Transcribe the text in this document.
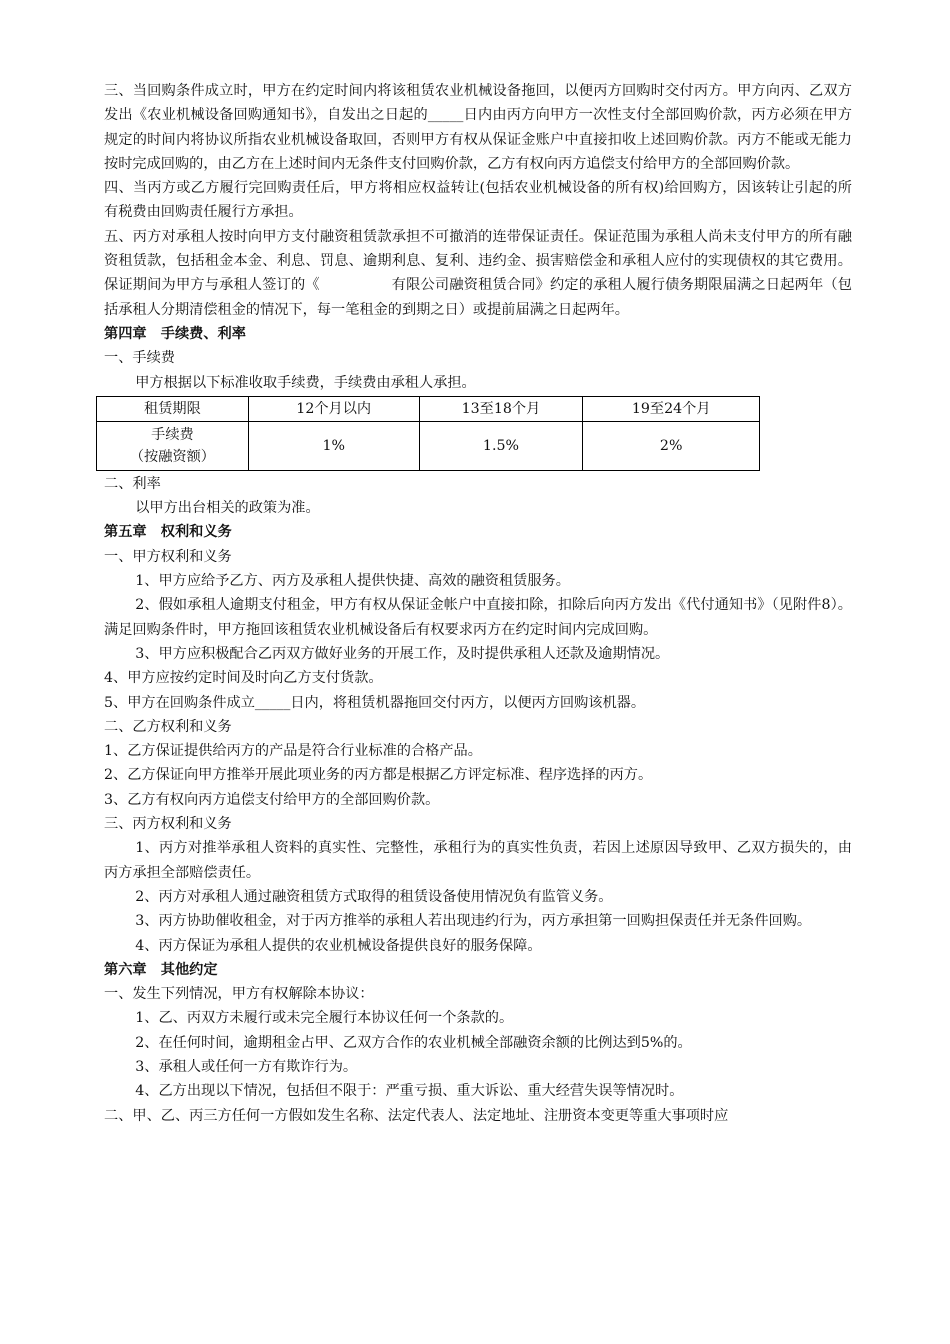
三、当回购条件成立时，甲方在约定时间内将该租赁农业机械设备拖回，以便丙方回购时交付丙方。甲方向丙、乙双方发出《农业机械设备回购通知书》，自发出之日起的_____日内由丙方向甲方一次性支付全部回购价款，丙方必须在甲方规定的时间内将协议所指农业机械设备取回，否则甲方有权从保证金账户中直接扣收上述回购价款。丙方不能或无能力按时完成回购的，由乙方在上述时间内无条件支付回购价款，乙方有权向丙方追偿支付给甲方的全部回购价款。

四、当丙方或乙方履行完回购责任后，甲方将相应权益转让(包括农业机械设备的所有权)给回购方，因该转让引起的所有税费由回购责任履行方承担。

五、丙方对承租人按时向甲方支付融资租赁款承担不可撤消的连带保证责任。保证范围为承租人尚未支付甲方的所有融资租赁款，包括租金本金、利息、罚息、逾期利息、复利、违约金、损害赔偿金和承租人应付的实现债权的其它费用。保证期间为甲方与承租人签订的《　　　　　有限公司融资租赁合同》约定的承租人履行债务期限届满之日起两年（包括承租人分期清偿租金的情况下，每一笔租金的到期之日）或提前届满之日起两年。

第四章　手续费、利率

一、手续费

甲方根据以下标准收取手续费，手续费由承租人承担。

租赁期限	12个月以内	13至18个月	19至24个月

手续费
（按融资额）	1%	1.5%	2%

二、利率

以甲方出台相关的政策为准。

第五章　权利和义务

一、甲方权利和义务

1、甲方应给予乙方、丙方及承租人提供快捷、高效的融资租赁服务。

2、假如承租人逾期支付租金，甲方有权从保证金帐户中直接扣除，扣除后向丙方发出《代付通知书》（见附件8）。满足回购条件时，甲方拖回该租赁农业机械设备后有权要求丙方在约定时间内完成回购。

3、甲方应积极配合乙丙双方做好业务的开展工作，及时提供承租人还款及逾期情况。

4、甲方应按约定时间及时向乙方支付货款。

5、甲方在回购条件成立_____日内，将租赁机器拖回交付丙方，以便丙方回购该机器。

二、乙方权利和义务

1、乙方保证提供给丙方的产品是符合行业标准的合格产品。

2、乙方保证向甲方推举开展此项业务的丙方都是根据乙方评定标准、程序选择的丙方。

3、乙方有权向丙方追偿支付给甲方的全部回购价款。

三、丙方权利和义务

1、丙方对推举承租人资料的真实性、完整性，承租行为的真实性负责，若因上述原因导致甲、乙双方损失的，由丙方承担全部赔偿责任。

2、丙方对承租人通过融资租赁方式取得的租赁设备使用情况负有监管义务。

3、丙方协助催收租金，对于丙方推举的承租人若出现违约行为，丙方承担第一回购担保责任并无条件回购。

4、丙方保证为承租人提供的农业机械设备提供良好的服务保障。

第六章　其他约定

一、发生下列情况，甲方有权解除本协议：

1、乙、丙双方未履行或未完全履行本协议任何一个条款的。

2、在任何时间，逾期租金占甲、乙双方合作的农业机械全部融资余额的比例达到5%的。

3、承租人或任何一方有欺诈行为。

4、乙方出现以下情况，包括但不限于：严重亏损、重大诉讼、重大经营失误等情况时。

二、甲、乙、丙三方任何一方假如发生名称、法定代表人、法定地址、注册资本变更等重大事项时应
